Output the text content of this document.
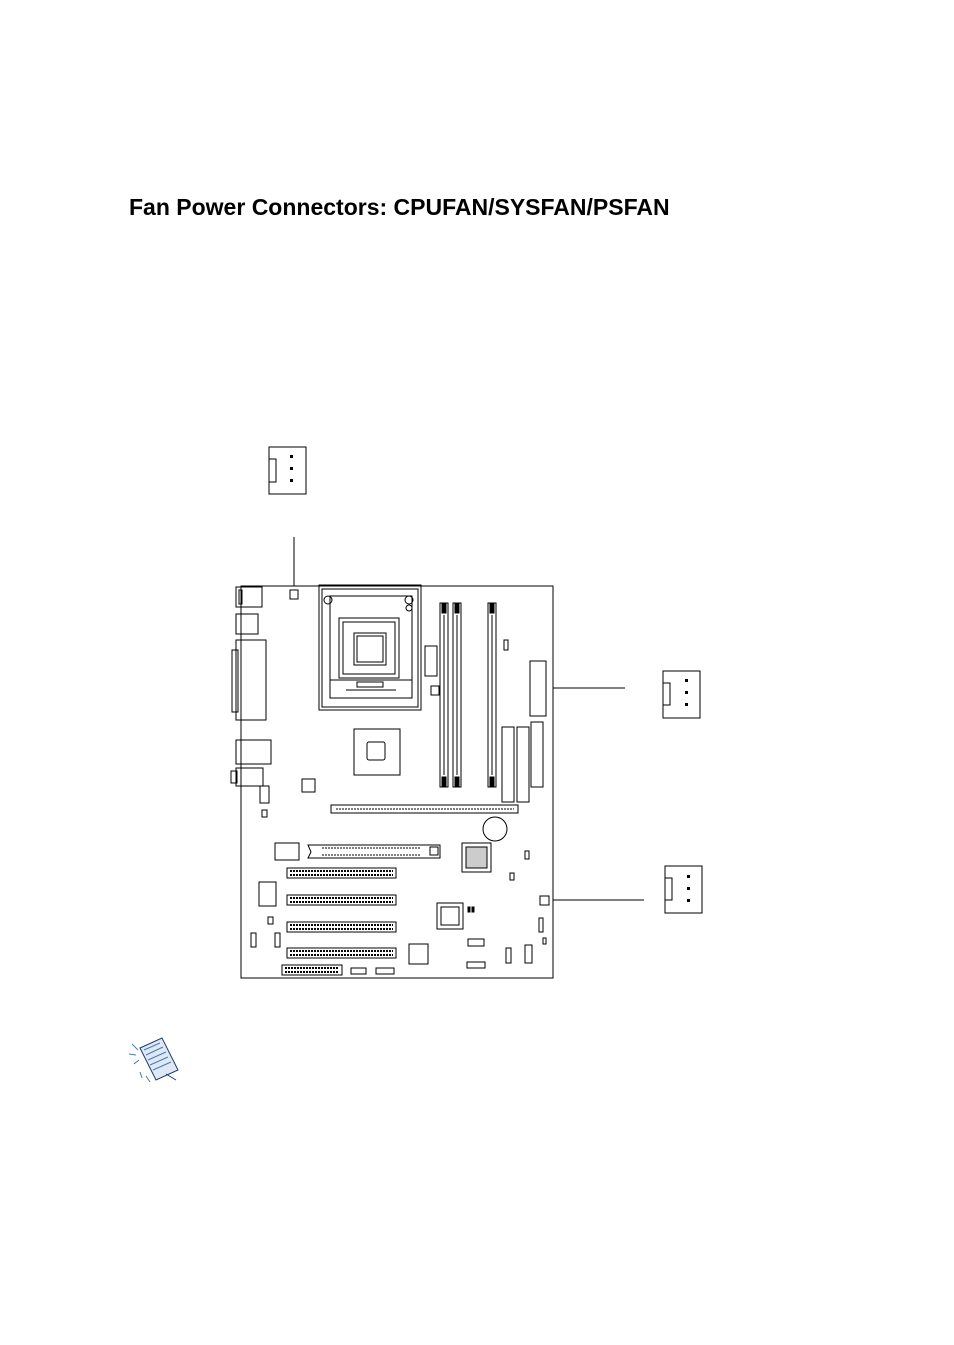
Fan Power Connectors: CPUFAN/SYSFAN/PSFAN
